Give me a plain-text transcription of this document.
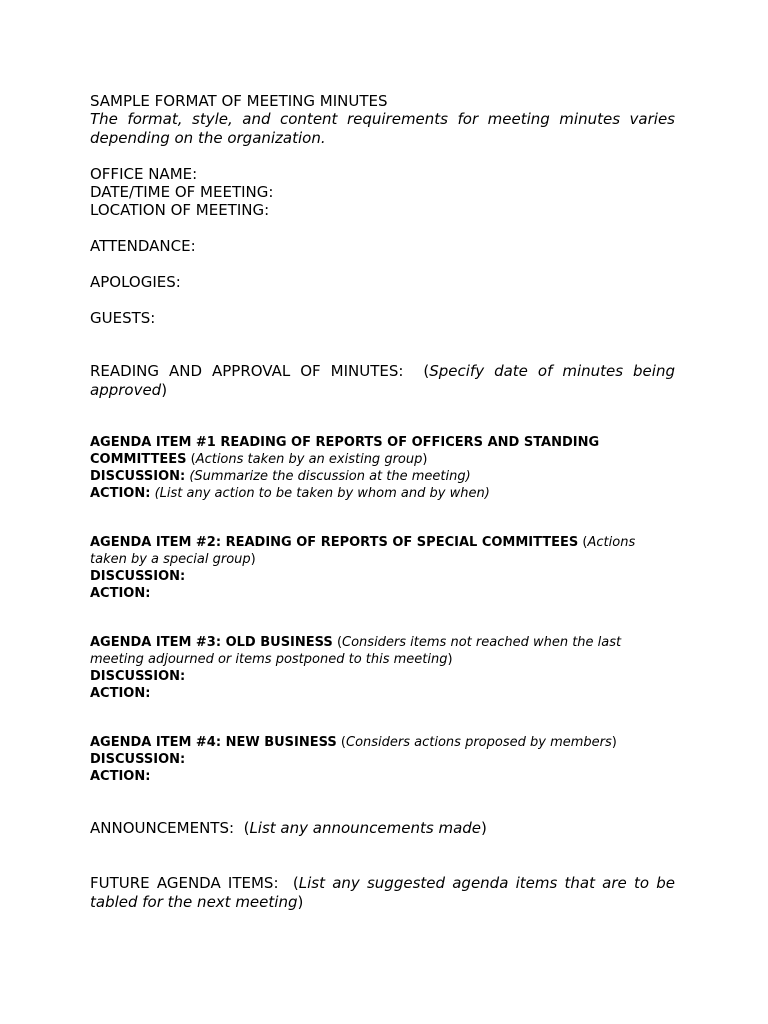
SAMPLE FORMAT OF MEETING MINUTES

The format, style, and content requirements for meeting minutes varies depending on the organization.

OFFICE NAME:

DATE/TIME OF MEETING:

LOCATION OF MEETING:

ATTENDANCE:

APOLOGIES:

GUESTS:

READING AND APPROVAL OF MINUTES: (Specify date of minutes being approved)

AGENDA ITEM #1 READING OF REPORTS OF OFFICERS AND STANDING COMMITTEES (Actions taken by an existing group)

DISCUSSION: (Summarize the discussion at the meeting)

ACTION: (List any action to be taken by whom and by when)

AGENDA ITEM #2: READING OF REPORTS OF SPECIAL COMMITTEES (Actions taken by a special group)

DISCUSSION:

ACTION:

AGENDA ITEM #3: OLD BUSINESS (Considers items not reached when the last meeting adjourned or items postponed to this meeting)

DISCUSSION:

ACTION:

AGENDA ITEM #4: NEW BUSINESS (Considers actions proposed by members)

DISCUSSION:

ACTION:

ANNOUNCEMENTS:  (List any announcements made)

FUTURE AGENDA ITEMS:  (List any suggested agenda items that are to be tabled for the next meeting)
